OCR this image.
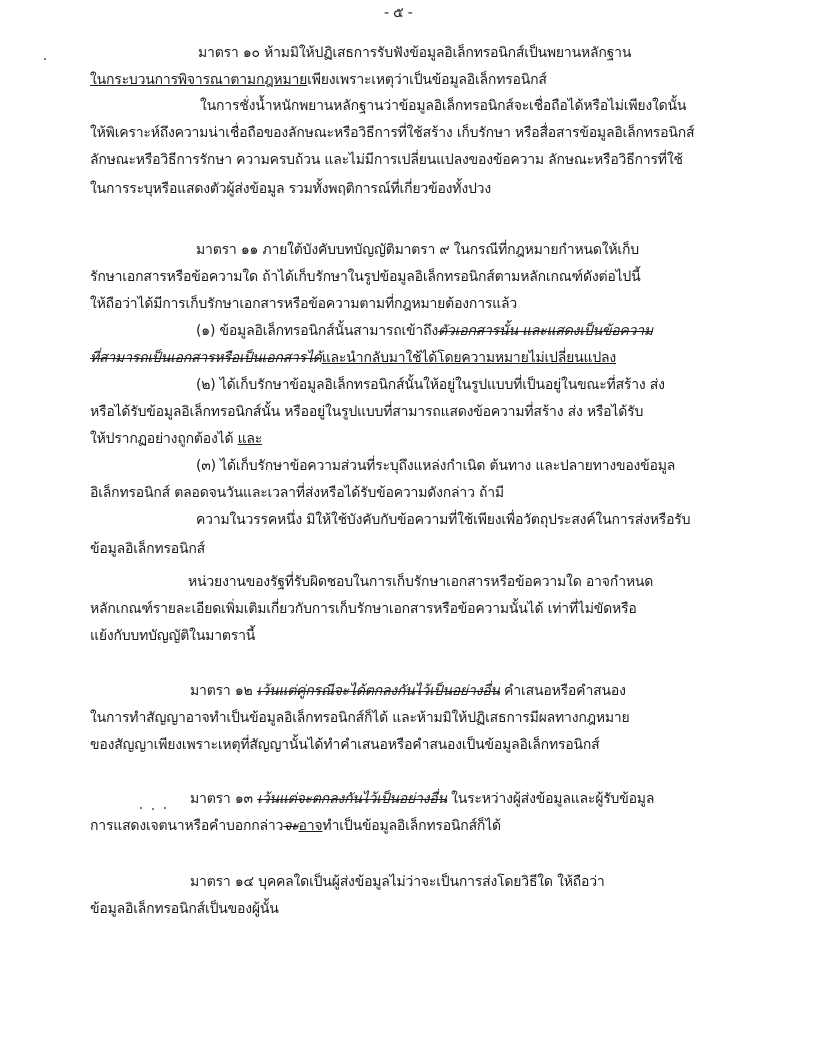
- ๕ -
มาตรา ๑๐ ห้ามมิให้ปฏิเสธการรับฟังข้อมูลอิเล็กทรอนิกส์เป็นพยานหลักฐาน
ในกระบวนการพิจารณาตามกฎหมายเพียงเพราะเหตุว่าเป็นข้อมูลอิเล็กทรอนิกส์
ในการชั่งน้ำหนักพยานหลักฐานว่าข้อมูลอิเล็กทรอนิกส์จะเชื่อถือได้หรือไม่เพียงใดนั้น
ให้พิเคราะห์ถึงความน่าเชื่อถือของลักษณะหรือวิธีการที่ใช้สร้าง เก็บรักษา หรือสื่อสารข้อมูลอิเล็กทรอนิกส์
ลักษณะหรือวิธีการรักษา ความครบถ้วน และไม่มีการเปลี่ยนแปลงของข้อความ ลักษณะหรือวิธีการที่ใช้
ในการระบุหรือแสดงตัวผู้ส่งข้อมูล รวมทั้งพฤติการณ์ที่เกี่ยวข้องทั้งปวง
มาตรา ๑๑ ภายใต้บังคับบทบัญญัติมาตรา ๙ ในกรณีที่กฎหมายกำหนดให้เก็บ
รักษาเอกสารหรือข้อความใด ถ้าได้เก็บรักษาในรูปข้อมูลอิเล็กทรอนิกส์ตามหลักเกณฑ์ดังต่อไปนี้
ให้ถือว่าได้มีการเก็บรักษาเอกสารหรือข้อความตามที่กฎหมายต้องการแล้ว
(๑) ข้อมูลอิเล็กทรอนิกส์นั้นสามารถเข้าถึงตัวเอกสารนั้น และแสดงเป็นข้อความ
ที่สามารถเป็นเอกสารหรือเป็นเอกสารได้และนำกลับมาใช้ได้โดยความหมายไม่เปลี่ยนแปลง
(๒) ได้เก็บรักษาข้อมูลอิเล็กทรอนิกส์นั้นให้อยู่ในรูปแบบที่เป็นอยู่ในขณะที่สร้าง ส่ง
หรือได้รับข้อมูลอิเล็กทรอนิกส์นั้น หรืออยู่ในรูปแบบที่สามารถแสดงข้อความที่สร้าง ส่ง หรือได้รับ
ให้ปรากฏอย่างถูกต้องได้ และ
(๓) ได้เก็บรักษาข้อความส่วนที่ระบุถึงแหล่งกำเนิด ต้นทาง และปลายทางของข้อมูล
อิเล็กทรอนิกส์ ตลอดจนวันและเวลาที่ส่งหรือได้รับข้อความดังกล่าว ถ้ามี
ความในวรรคหนึ่ง มิให้ใช้บังคับกับข้อความที่ใช้เพียงเพื่อวัตถุประสงค์ในการส่งหรือรับ
ข้อมูลอิเล็กทรอนิกส์
หน่วยงานของรัฐที่รับผิดชอบในการเก็บรักษาเอกสารหรือข้อความใด อาจกำหนด
หลักเกณฑ์รายละเอียดเพิ่มเติมเกี่ยวกับการเก็บรักษาเอกสารหรือข้อความนั้นได้ เท่าที่ไม่ขัดหรือ
แย้งกับบทบัญญัติในมาตรานี้
มาตรา ๑๒ เว้นแต่คู่กรณีจะได้ตกลงกันไว้เป็นอย่างอื่น คำเสนอหรือคำสนอง
ในการทำสัญญาอาจทำเป็นข้อมูลอิเล็กทรอนิกส์ก็ได้ และห้ามมิให้ปฏิเสธการมีผลทางกฎหมาย
ของสัญญาเพียงเพราะเหตุที่สัญญานั้นได้ทำคำเสนอหรือคำสนองเป็นข้อมูลอิเล็กทรอนิกส์
มาตรา ๑๓ เว้นแต่จะตกลงกันไว้เป็นอย่างอื่น ในระหว่างผู้ส่งข้อมูลและผู้รับข้อมูล
การแสดงเจตนาหรือคำบอกกล่าวจะอาจทำเป็นข้อมูลอิเล็กทรอนิกส์ก็ได้
มาตรา ๑๔ บุคคลใดเป็นผู้ส่งข้อมูลไม่ว่าจะเป็นการส่งโดยวิธีใด ให้ถือว่า
ข้อมูลอิเล็กทรอนิกส์เป็นของผู้นั้น
